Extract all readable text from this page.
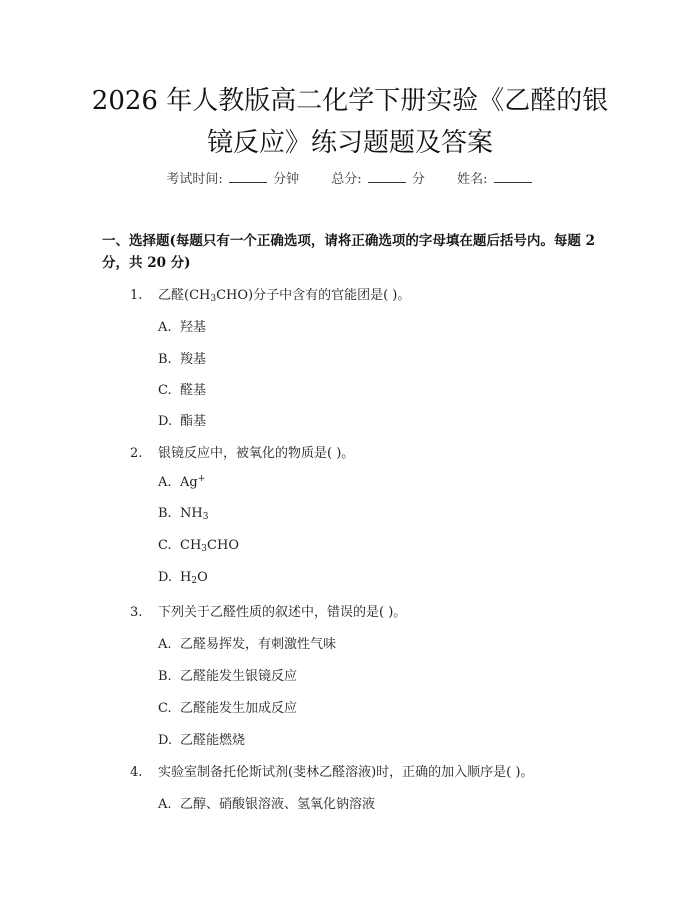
2026 年人教版高二化学下册实验《乙醛的银
镜反应》练习题题及答案
考试时间:	分钟 总分:	分 姓名:
一、选择题(每题只有一个正确选项，请将正确选项的字母填在题后括号内。每题 2 分，共 20 分)
1. 乙醛$(CH_3CHO)$分子中含有的官能团是( )。
A. 羟基
B. 羧基
C. 醛基
D. 酯基
2. 银镜反应中，被氧化的物质是( )。
A. Ag+
B. $NH_3$
C. $CH_3CHO$
D. $H_2O$
3. 下列关于乙醛性质的叙述中，错误的是( )。
A. 乙醛易挥发，有刺激性气味
B. 乙醛能发生银镜反应
C. 乙醛能发生加成反应
D. 乙醛能燃烧
4. 实验室制备托伦斯试剂(斐林乙醛溶液)时，正确的加入顺序是( )。
A. 乙醇、硝酸银溶液、氢氧化钠溶液
